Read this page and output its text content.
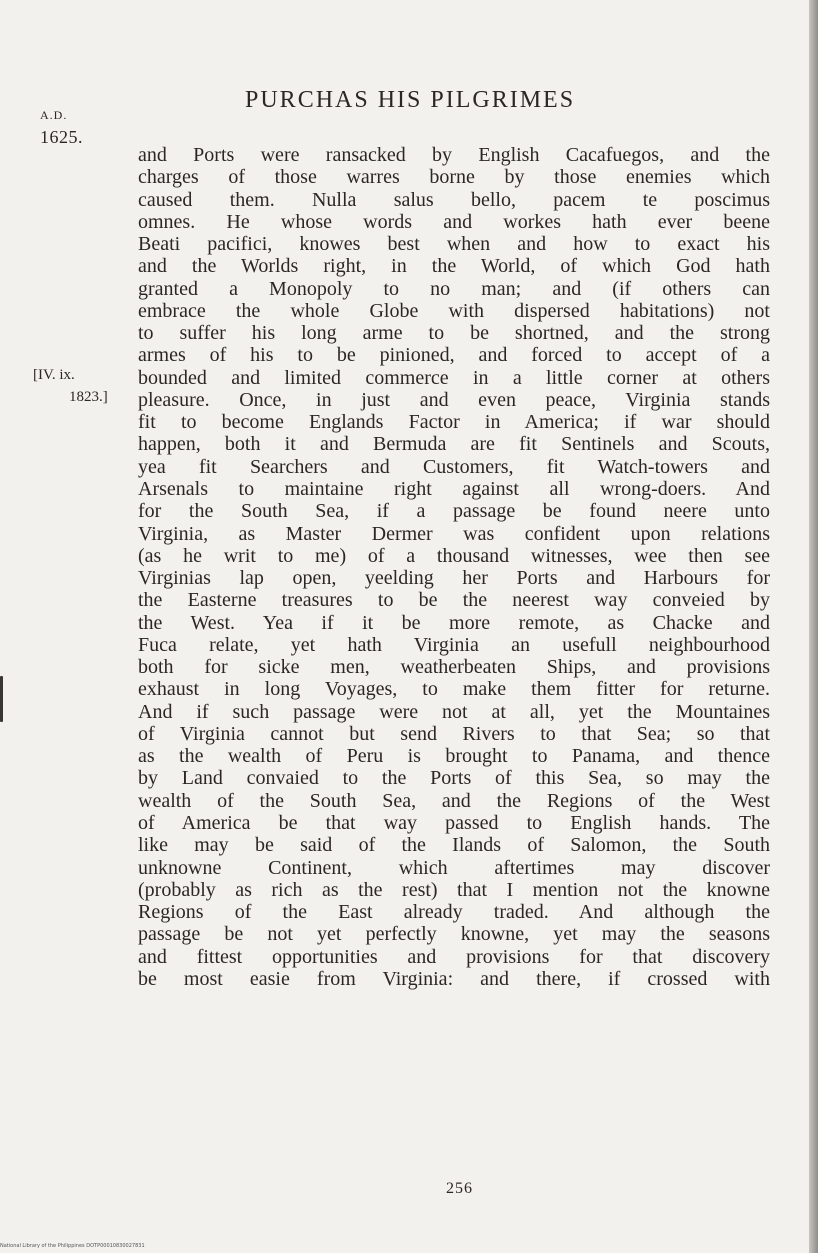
A.D.
1625.
PURCHAS HIS PILGRIMES
[IV. ix.
1823.]
and Ports were ransacked by English Cacafuegos, and the
charges of those warres borne by those enemies which
caused them. Nulla salus bello, pacem te poscimus
omnes. He whose words and workes hath ever beene
Beati pacifici, knowes best when and how to exact his
and the Worlds right, in the World, of which God hath
granted a Monopoly to no man; and (if others can
embrace the whole Globe with dispersed habitations) not
to suffer his long arme to be shortned, and the strong
armes of his to be pinioned, and forced to accept of a
bounded and limited commerce in a little corner at others
pleasure. Once, in just and even peace, Virginia stands
fit to become Englands Factor in America; if war should
happen, both it and Bermuda are fit Sentinels and Scouts,
yea fit Searchers and Customers, fit Watch-towers and
Arsenals to maintaine right against all wrong-doers. And
for the South Sea, if a passage be found neere unto
Virginia, as Master Dermer was confident upon relations
(as he writ to me) of a thousand witnesses, wee then see
Virginias lap open, yeelding her Ports and Harbours for
the Easterne treasures to be the neerest way conveied by
the West. Yea if it be more remote, as Chacke and
Fuca relate, yet hath Virginia an usefull neighbourhood
both for sicke men, weatherbeaten Ships, and provisions
exhaust in long Voyages, to make them fitter for returne.
And if such passage were not at all, yet the Mountaines
of Virginia cannot but send Rivers to that Sea; so that
as the wealth of Peru is brought to Panama, and thence
by Land convaied to the Ports of this Sea, so may the
wealth of the South Sea, and the Regions of the West
of America be that way passed to English hands. The
like may be said of the Ilands of Salomon, the South
unknowne Continent, which aftertimes may discover
(probably as rich as the rest) that I mention not the knowne
Regions of the East already traded. And although the
passage be not yet perfectly knowne, yet may the seasons
and fittest opportunities and provisions for that discovery
be most easie from Virginia: and there, if crossed with
256
National Library of the Philippines DOTP00010830027831
